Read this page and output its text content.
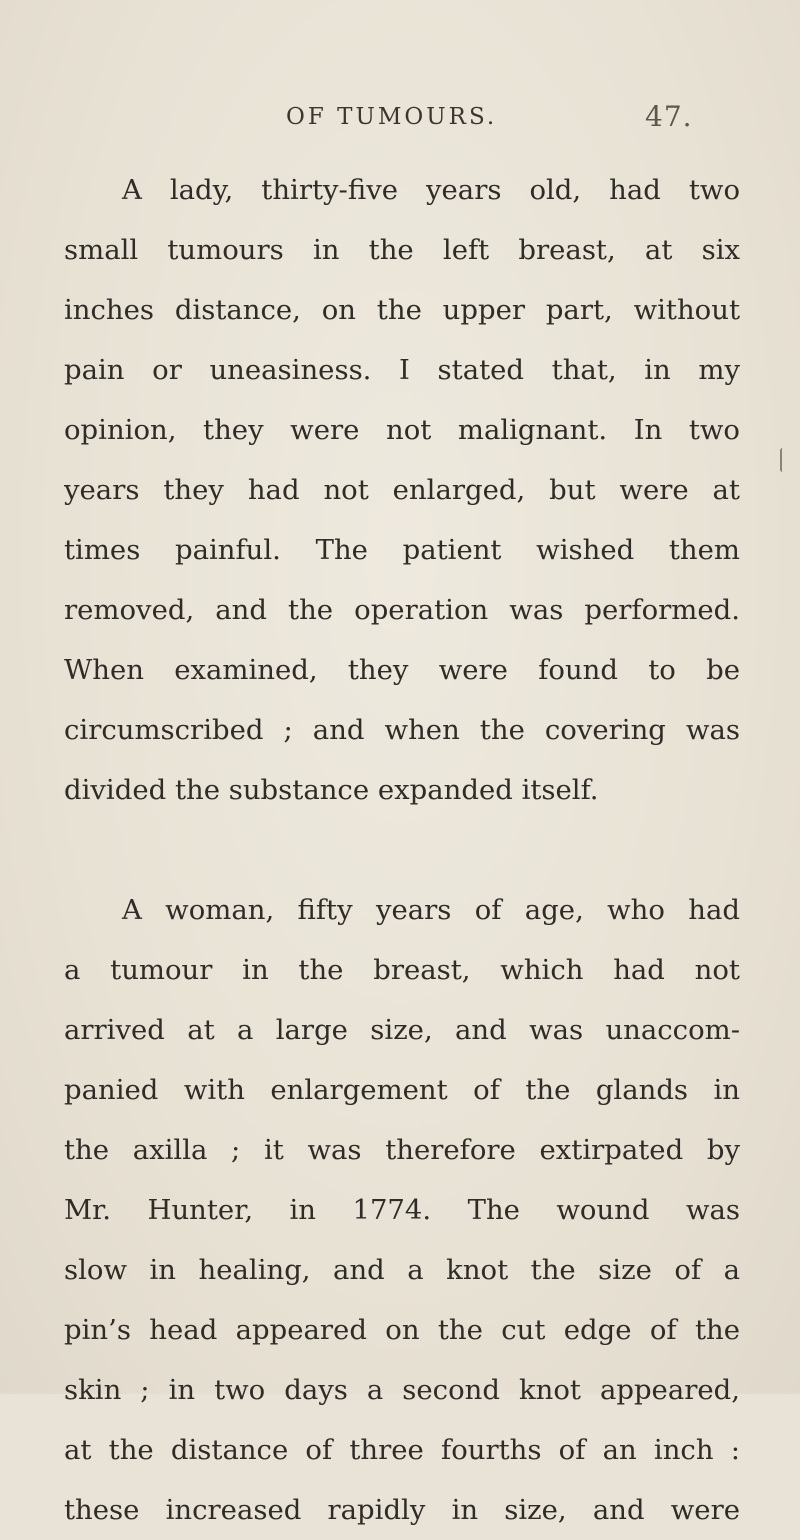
OF TUMOURS.	47.

A lady, thirty-five years old, had two
small tumours in the left breast, at six
inches distance, on the upper part, without
pain or uneasiness. I stated that, in my
opinion, they were not malignant. In two
years they had not enlarged, but were at
times painful. The patient wished them
removed, and the operation was performed.
When examined, they were found to be
circumscribed ; and when the covering was
divided the substance expanded itself.

A woman, fifty years of age, who had
a tumour in the breast, which had not
arrived at a large size, and was unaccom-
panied with enlargement of the glands in
the axilla ; it was therefore extirpated by
Mr. Hunter, in 1774. The wound was
slow in healing, and a knot the size of a
pin’s head appeared on the cut edge of the
skin ; in two days a second knot appeared,
at the distance of three fourths of an inch :
these increased rapidly in size, and were
